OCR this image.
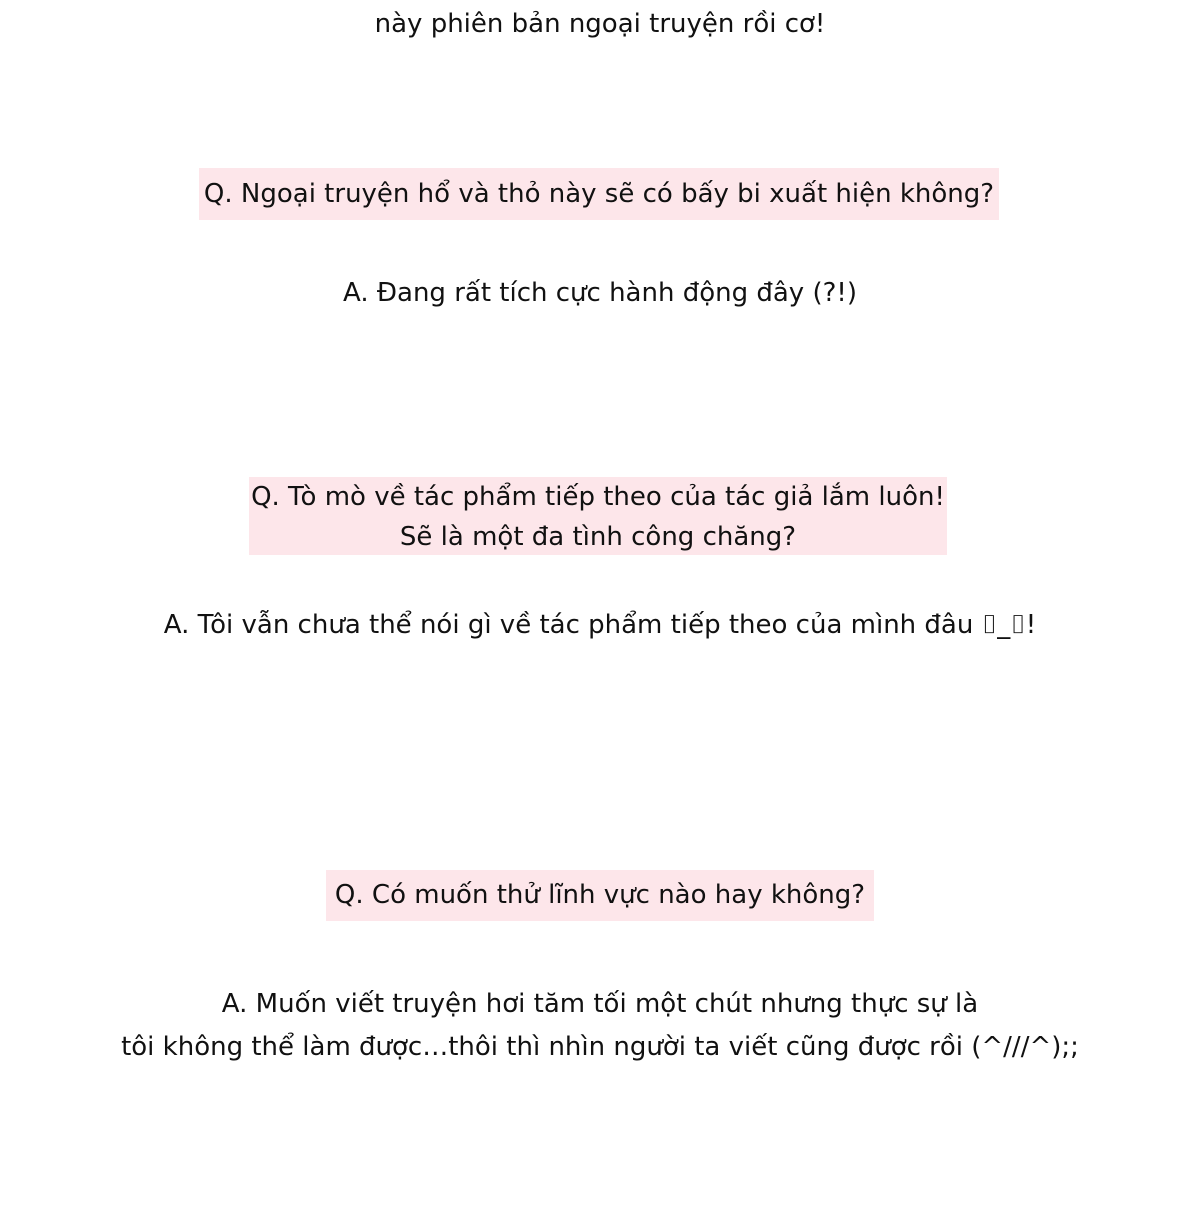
này phiên bản ngoại truyện rồi cơ!
Q. Ngoại truyện hổ và thỏ này sẽ có bấy bi xuất hiện không?
A. Đang rất tích cực hành động đây (?!)
Q. Tò mò về tác phẩm tiếp theo của tác giả lắm luôn!
Sẽ là một đa tình công chăng?
A. Tôi vẫn chưa thể nói gì về tác phẩm tiếp theo của mình đâu ⌷_⌷!
Q. Có muốn thử lĩnh vực nào hay không?
A. Muốn viết truyện hơi tăm tối một chút nhưng thực sự là
tôi không thể làm được…thôi thì nhìn người ta viết cũng được rồi (^///^);;
